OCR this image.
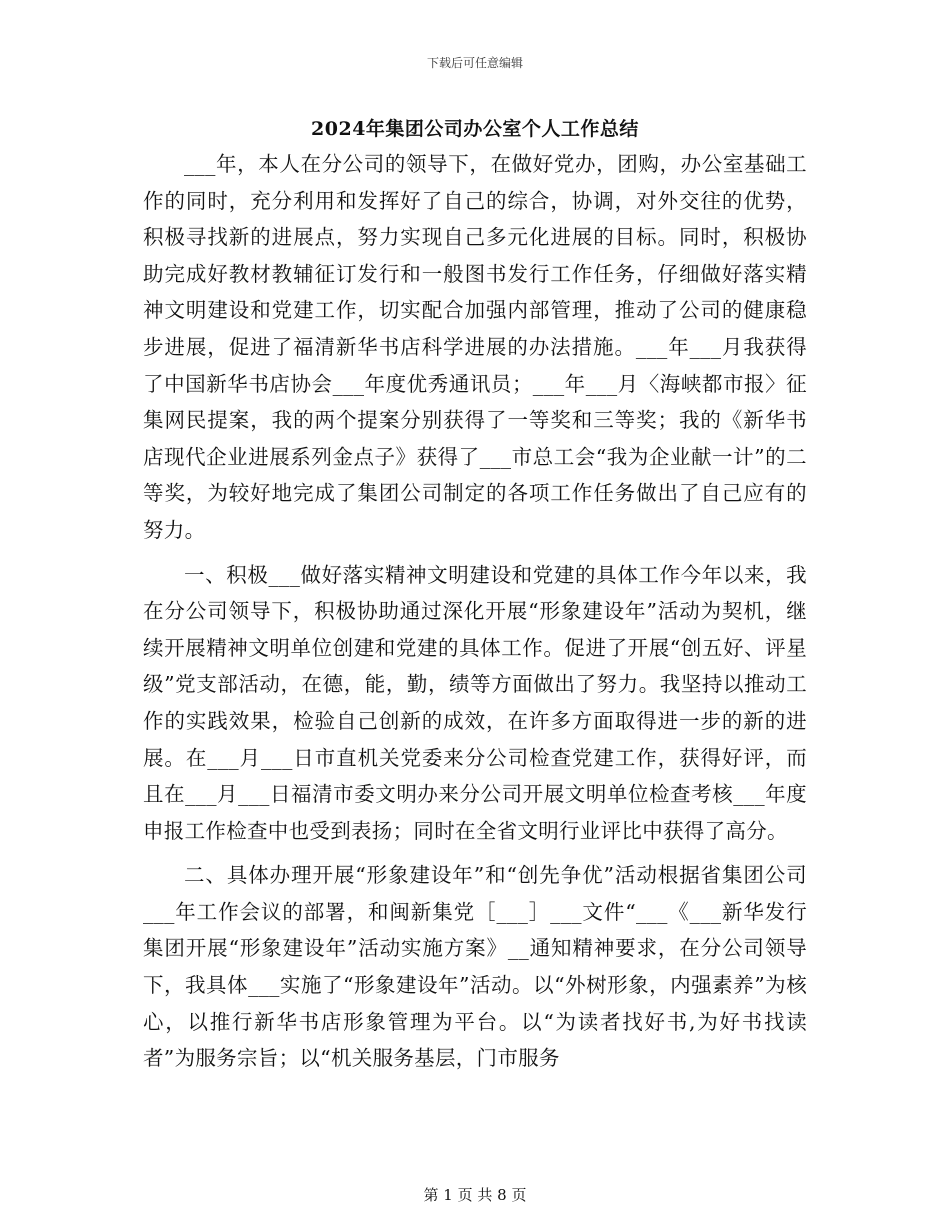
下载后可任意编辑
2024年集团公司办公室个人工作总结

___年，本人在分公司的领导下，在做好党办，团购，办公室基础工作的同时，充分利用和发挥好了自己的综合，协调，对外交往的优势，积极寻找新的进展点，努力实现自己多元化进展的目标。同时，积极协助完成好教材教辅征订发行和一般图书发行工作任务，仔细做好落实精神文明建设和党建工作，切实配合加强内部管理，推动了公司的健康稳步进展，促进了福清新华书店科学进展的办法措施。___年___月我获得了中国新华书店协会___年度优秀通讯员；___年___月〈海峡都市报〉征集网民提案，我的两个提案分别获得了一等奖和三等奖；我的《新华书店现代企业进展系列金点子》获得了___市总工会“我为企业献一计”的二等奖，为较好地完成了集团公司制定的各项工作任务做出了自己应有的努力。

一、积极___做好落实精神文明建设和党建的具体工作今年以来，我在分公司领导下，积极协助通过深化开展“形象建设年”活动为契机，继续开展精神文明单位创建和党建的具体工作。促进了开展“创五好、评星级”党支部活动，在德，能，勤，绩等方面做出了努力。我坚持以推动工作的实践效果，检验自己创新的成效，在许多方面取得进一步的新的进展。在___月___日市直机关党委来分公司检查党建工作，获得好评，而且在___月___日福清市委文明办来分公司开展文明单位检查考核___年度申报工作检查中也受到表扬；同时在全省文明行业评比中获得了高分。

二、具体办理开展“形象建设年”和“创先争优”活动根据省集团公司___年工作会议的部署，和闽新集党［___］___文件“___《___新华发行集团开展“形象建设年”活动实施方案》__通知精神要求，在分公司领导下，我具体___实施了“形象建设年”活动。以“外树形象，内强素养”为核心，以推行新华书店形象管理为平台。以“为读者找好书,为好书找读者”为服务宗旨；以“机关服务基层，门市服务

第 1 页 共 8 页
